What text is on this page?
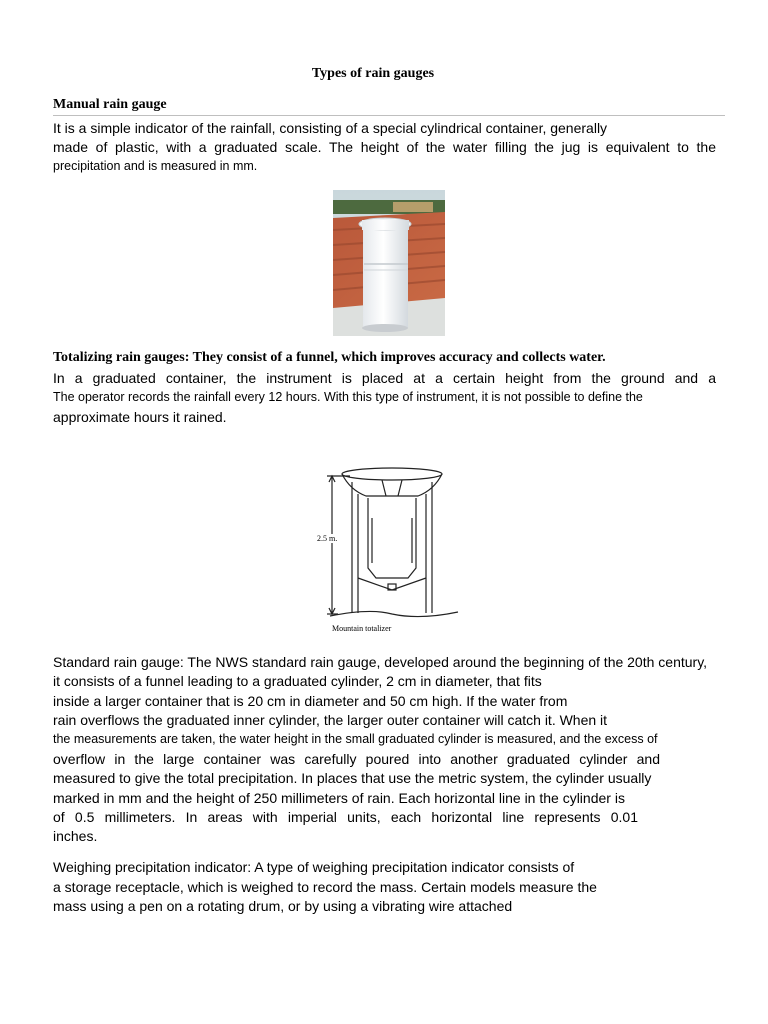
Types of rain gauges
Manual rain gauge
It is a simple indicator of the rainfall, consisting of a special cylindrical container, generally
made of plastic, with a graduated scale. The height of the water filling the jug is equivalent to the
precipitation and is measured in mm.
Totalizing rain gauges: They consist of a funnel, which improves accuracy and collects water.
In a graduated container, the instrument is placed at a certain height from the ground and a
The operator records the rainfall every 12 hours. With this type of instrument, it is not possible to define the
approximate hours it rained.
2.5 m.
Mountain totalizer
Standard rain gauge: The NWS standard rain gauge, developed around the beginning of the 20th century,
it consists of a funnel leading to a graduated cylinder, 2 cm in diameter, that fits
inside a larger container that is 20 cm in diameter and 50 cm high. If the water from
rain overflows the graduated inner cylinder, the larger outer container will catch it. When it
the measurements are taken, the water height in the small graduated cylinder is measured, and the excess of
overflow in the large container was carefully poured into another graduated cylinder and
measured to give the total precipitation. In places that use the metric system, the cylinder usually
marked in mm and the height of 250 millimeters of rain. Each horizontal line in the cylinder is
of 0.5 millimeters. In areas with imperial units, each horizontal line represents 0.01
inches.
Weighing precipitation indicator: A type of weighing precipitation indicator consists of
a storage receptacle, which is weighed to record the mass. Certain models measure the
mass using a pen on a rotating drum, or by using a vibrating wire attached
